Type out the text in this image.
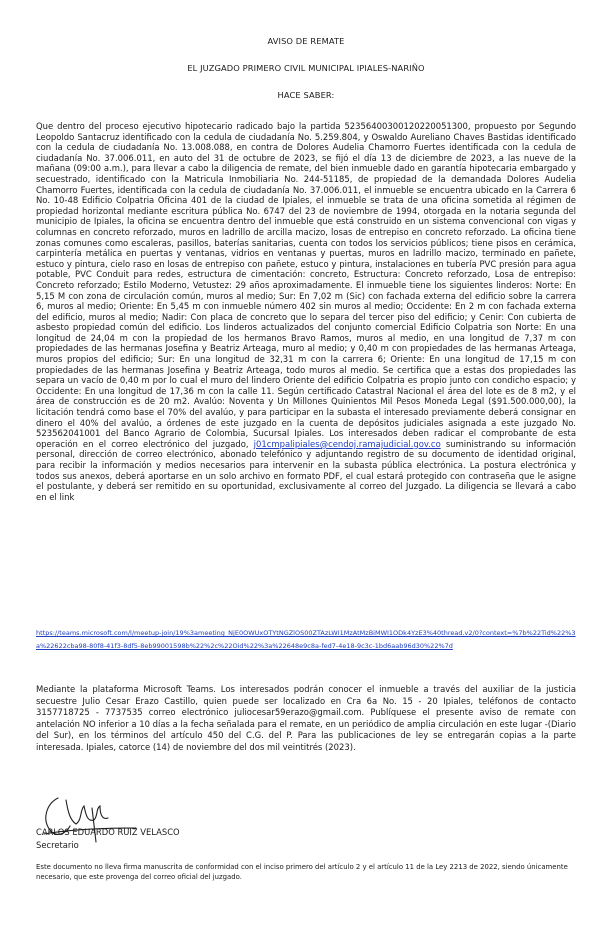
AVISO DE REMATE
EL JUZGADO PRIMERO CIVIL MUNICIPAL IPIALES-NARIÑO
HACE SABER:
Que dentro del proceso ejecutivo hipotecario radicado bajo la partida 5235640030012022005​1300, propuesto por Segundo Leopoldo Santacruz identificado con la cedula de ciudadanía No. 5.259.804, y Oswaldo Aureliano Chaves Bastidas identificado con la cedula de ciudadanía No. 13.008.088, en contra de Dolores Audelia Chamorro Fuertes identificada con la cedula de ciudadanía No. 37.006.011, en auto del 31 de octubre de 2023, se fijó el día 13 de diciembre de 2023, a las nueve de la mañana (09:00 a.m.), para llevar a cabo la diligencia de remate, del bien inmueble dado en garantía hipotecaria embargado y secuestrado, identificado con la Matricula Inmobiliaria No. 244-51185, de propiedad de la demandada Dolores Audelia Chamorro Fuertes, identificada con la cedula de ciudadanía No. 37.006.011, el inmueble se encuentra ubicado en la Carrera 6 No. 10-48 Edificio Colpatria Oficina 401 de la ciudad de Ipiales, el inmueble se trata de una oficina sometida al régimen de propiedad horizontal mediante escritura pública No. 6747 del 23 de noviembre de 1994, otorgada en la notaria segunda del municipio de Ipiales, la oficina se encuentra dentro del inmueble que está construido en un sistema convencional con vigas y columnas en concreto reforzado, muros en ladrillo de arcilla macizo, losas de entrepiso en concreto reforzado. La oficina tiene zonas comunes como escaleras, pasillos, baterías sanitarias, cuenta con todos los servicios públicos; tiene pisos en cerámica, carpintería metálica en puertas y ventanas, vidrios en ventanas y puertas, muros en ladrillo macizo, terminado en pañete, estuco y pintura, cielo raso en losas de entrepiso con pañete, estuco y pintura, instalaciones en tubería PVC presión para agua potable, PVC Conduit para redes, estructura de cimentación: concreto, Estructura: Concreto reforzado, Losa de entrepiso: Concreto reforzado; Estilo Moderno, Vetustez: 29 años aproximadamente. El inmueble tiene los siguientes linderos: Norte: En 5,15 M con zona de circulación común, muros al medio; Sur: En 7,02 m (Sic) con fachada externa del edificio sobre la carrera 6, muros al medio; Oriente: En 5,45 m con inmueble número 402 sin muros al medio; Occidente: En 2 m con fachada externa del edificio, muros al medio; Nadir: Con placa de concreto que lo separa del tercer piso del edificio; y Cenir: Con cubierta de asbesto propiedad común del edificio. Los linderos actualizados del conjunto comercial Edificio Colpatria son Norte: En una longitud de 24,04 m con la propiedad de los hermanos Bravo Ramos, muros al medio, en una longitud de 7,37 m con propiedades de las hermanas Josefina y Beatriz Arteaga, muro al medio; y 0,40 m con propiedades de las hermanas Arteaga, muros propios del edificio; Sur: En una longitud de 32,31 m con la carrera 6; Oriente: En una longitud de 17,15 m con propiedades de las hermanas Josefina y Beatriz Arteaga, todo muros al medio. Se certifica que a estas dos propiedades las separa un vacío de 0,40 m por lo cual el muro del lindero Oriente del edificio Colpatria es propio junto con condicho espacio; y Occidente: En una longitud de 17,36 m con la calle 11. Según certificado Catastral Nacional el área del lote es de 8 m2, y el área de construcción es de 20 m2. Avalúo: Noventa y Un Millones Quinientos Mil Pesos Moneda Legal ($91.500.000,00), la licitación tendrá como base el 70% del avalúo, y para participar en la subasta el interesado previamente deberá consignar en dinero el 40% del avalúo, a órdenes de este juzgado en la cuenta de depósitos judiciales asignada a este juzgado No. 523562041001 del Banco Agrario de Colombia, Sucursal Ipiales. Los interesados deben radicar el comprobante de esta operación en el correo electrónico del juzgado, j01cmpalipiales@cendoj.ramajudicial.gov.co suministrando su información personal, dirección de correo electrónico, abonado telefónico y adjuntando registro de su documento de identidad original, para recibir la información y medios necesarios para intervenir en la subasta pública electrónica. La postura electrónica y todos sus anexos, deberá aportarse en un solo archivo en formato PDF, el cual estará protegido con contraseña que le asigne el postulante, y deberá ser remitido en su oportunidad, exclusivamente al correo del Juzgado. La diligencia se llevará a cabo en el link
https://teams.microsoft.com/l/meetup-join/19%3ameeting_NjE0OWUxOTYtNGZlOS00ZTAzLWI1MzAtMzBiMWI1ODk4YzE3%40thread.v2/0?context=%7b%22Tid%22%3a%22622cba98-80f8-41f3-8df5-8eb99001598b%22%2c%22Oid%22%3a%22648e9c8a-fed7-4e18-9c3c-1bd6aab96d30%22%7d
Mediante la plataforma Microsoft Teams. Los interesados podrán conocer el inmueble a través del auxiliar de la justicia secuestre Julio Cesar Erazo Castillo, quien puede ser localizado en Cra 6a No. 15 - 20 Ipiales, teléfonos de contacto 3157718725 - 7737535 correo electrónico juliocesar59erazo@gmail.com. Publíquese el presente aviso de remate con antelación NO inferior a 10 días a la fecha señalada para el remate, en un periódico de amplia circulación en este lugar -(Diario del Sur), en los términos del artículo 450 del C.G. del P. Para las publicaciones de ley se entregarán copias a la parte interesada. Ipiales, catorce (14) de noviembre del dos mil veintitrés (2023).
CARLOS EDUARDO RUIZ VELASCO
Secretario
Este documento no lleva firma manuscrita de conformidad con el inciso primero del artículo 2 y el artículo 11 de la Ley 2213 de 2022, siendo únicamente necesario, que este provenga del correo oficial del juzgado.
